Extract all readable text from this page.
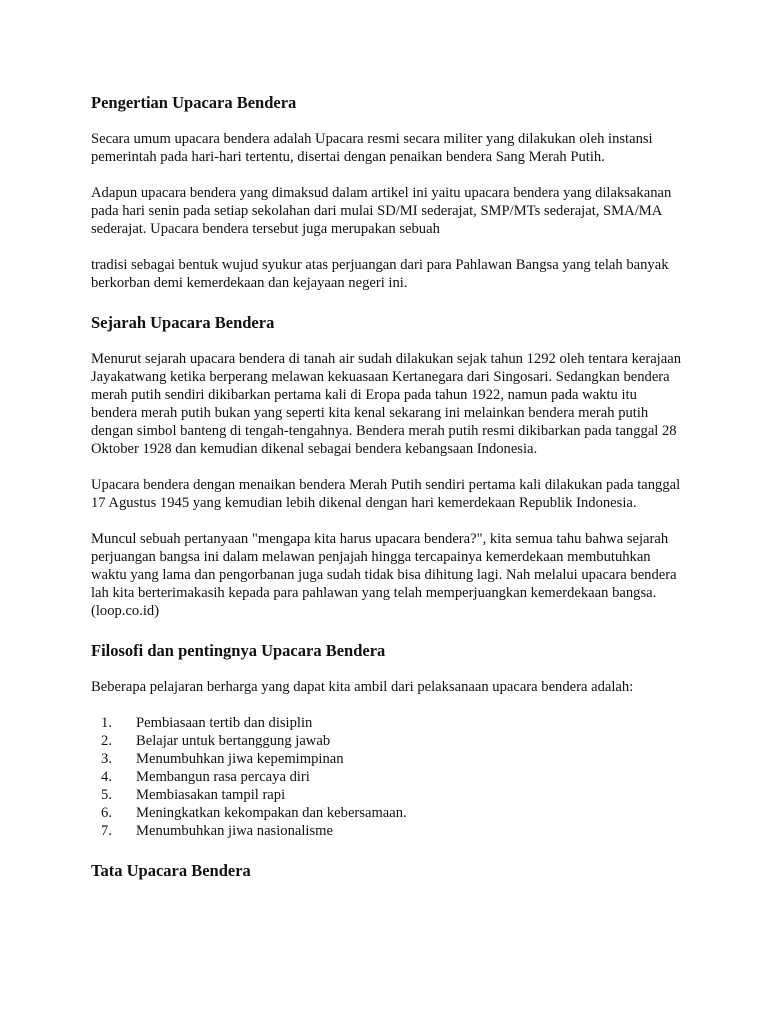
Pengertian Upacara Bendera

Secara umum upacara bendera adalah Upacara resmi secara militer yang dilakukan oleh instansi pemerintah pada hari-hari tertentu, disertai dengan penaikan bendera Sang Merah Putih.

Adapun upacara bendera yang dimaksud dalam artikel ini yaitu upacara bendera yang dilaksakanan pada hari senin pada setiap sekolahan dari mulai SD/MI sederajat, SMP/MTs sederajat, SMA/MA sederajat. Upacara bendera tersebut juga merupakan sebuah

tradisi sebagai bentuk wujud syukur atas perjuangan dari para Pahlawan Bangsa yang telah banyak berkorban demi kemerdekaan dan kejayaan negeri ini.

Sejarah Upacara Bendera

Menurut sejarah upacara bendera di tanah air sudah dilakukan sejak tahun 1292 oleh tentara kerajaan Jayakatwang ketika berperang melawan kekuasaan Kertanegara dari Singosari. Sedangkan bendera merah putih sendiri dikibarkan pertama kali di Eropa pada tahun 1922, namun pada waktu itu bendera merah putih bukan yang seperti kita kenal sekarang ini melainkan bendera merah putih dengan simbol banteng di tengah-tengahnya. Bendera merah putih resmi dikibarkan pada tanggal 28 Oktober 1928 dan kemudian dikenal sebagai bendera kebangsaan Indonesia.

Upacara bendera dengan menaikan bendera Merah Putih sendiri pertama kali dilakukan pada tanggal 17 Agustus 1945 yang kemudian lebih dikenal dengan hari kemerdekaan Republik Indonesia.

Muncul sebuah pertanyaan "mengapa kita harus upacara bendera?", kita semua tahu bahwa sejarah perjuangan bangsa ini dalam melawan penjajah hingga tercapainya kemerdekaan membutuhkan waktu yang lama dan pengorbanan juga sudah tidak bisa dihitung lagi. Nah melalui upacara bendera lah kita berterimakasih kepada para pahlawan yang telah memperjuangkan kemerdekaan bangsa.

(loop.co.id)

Filosofi dan pentingnya Upacara Bendera

Beberapa pelajaran berharga yang dapat kita ambil dari pelaksanaan upacara bendera adalah:

1. Pembiasaan tertib dan disiplin
2. Belajar untuk bertanggung jawab
3. Menumbuhkan jiwa kepemimpinan
4. Membangun rasa percaya diri
5. Membiasakan tampil rapi
6. Meningkatkan kekompakan dan kebersamaan.
7. Menumbuhkan jiwa nasionalisme
Tata Upacara Bendera
